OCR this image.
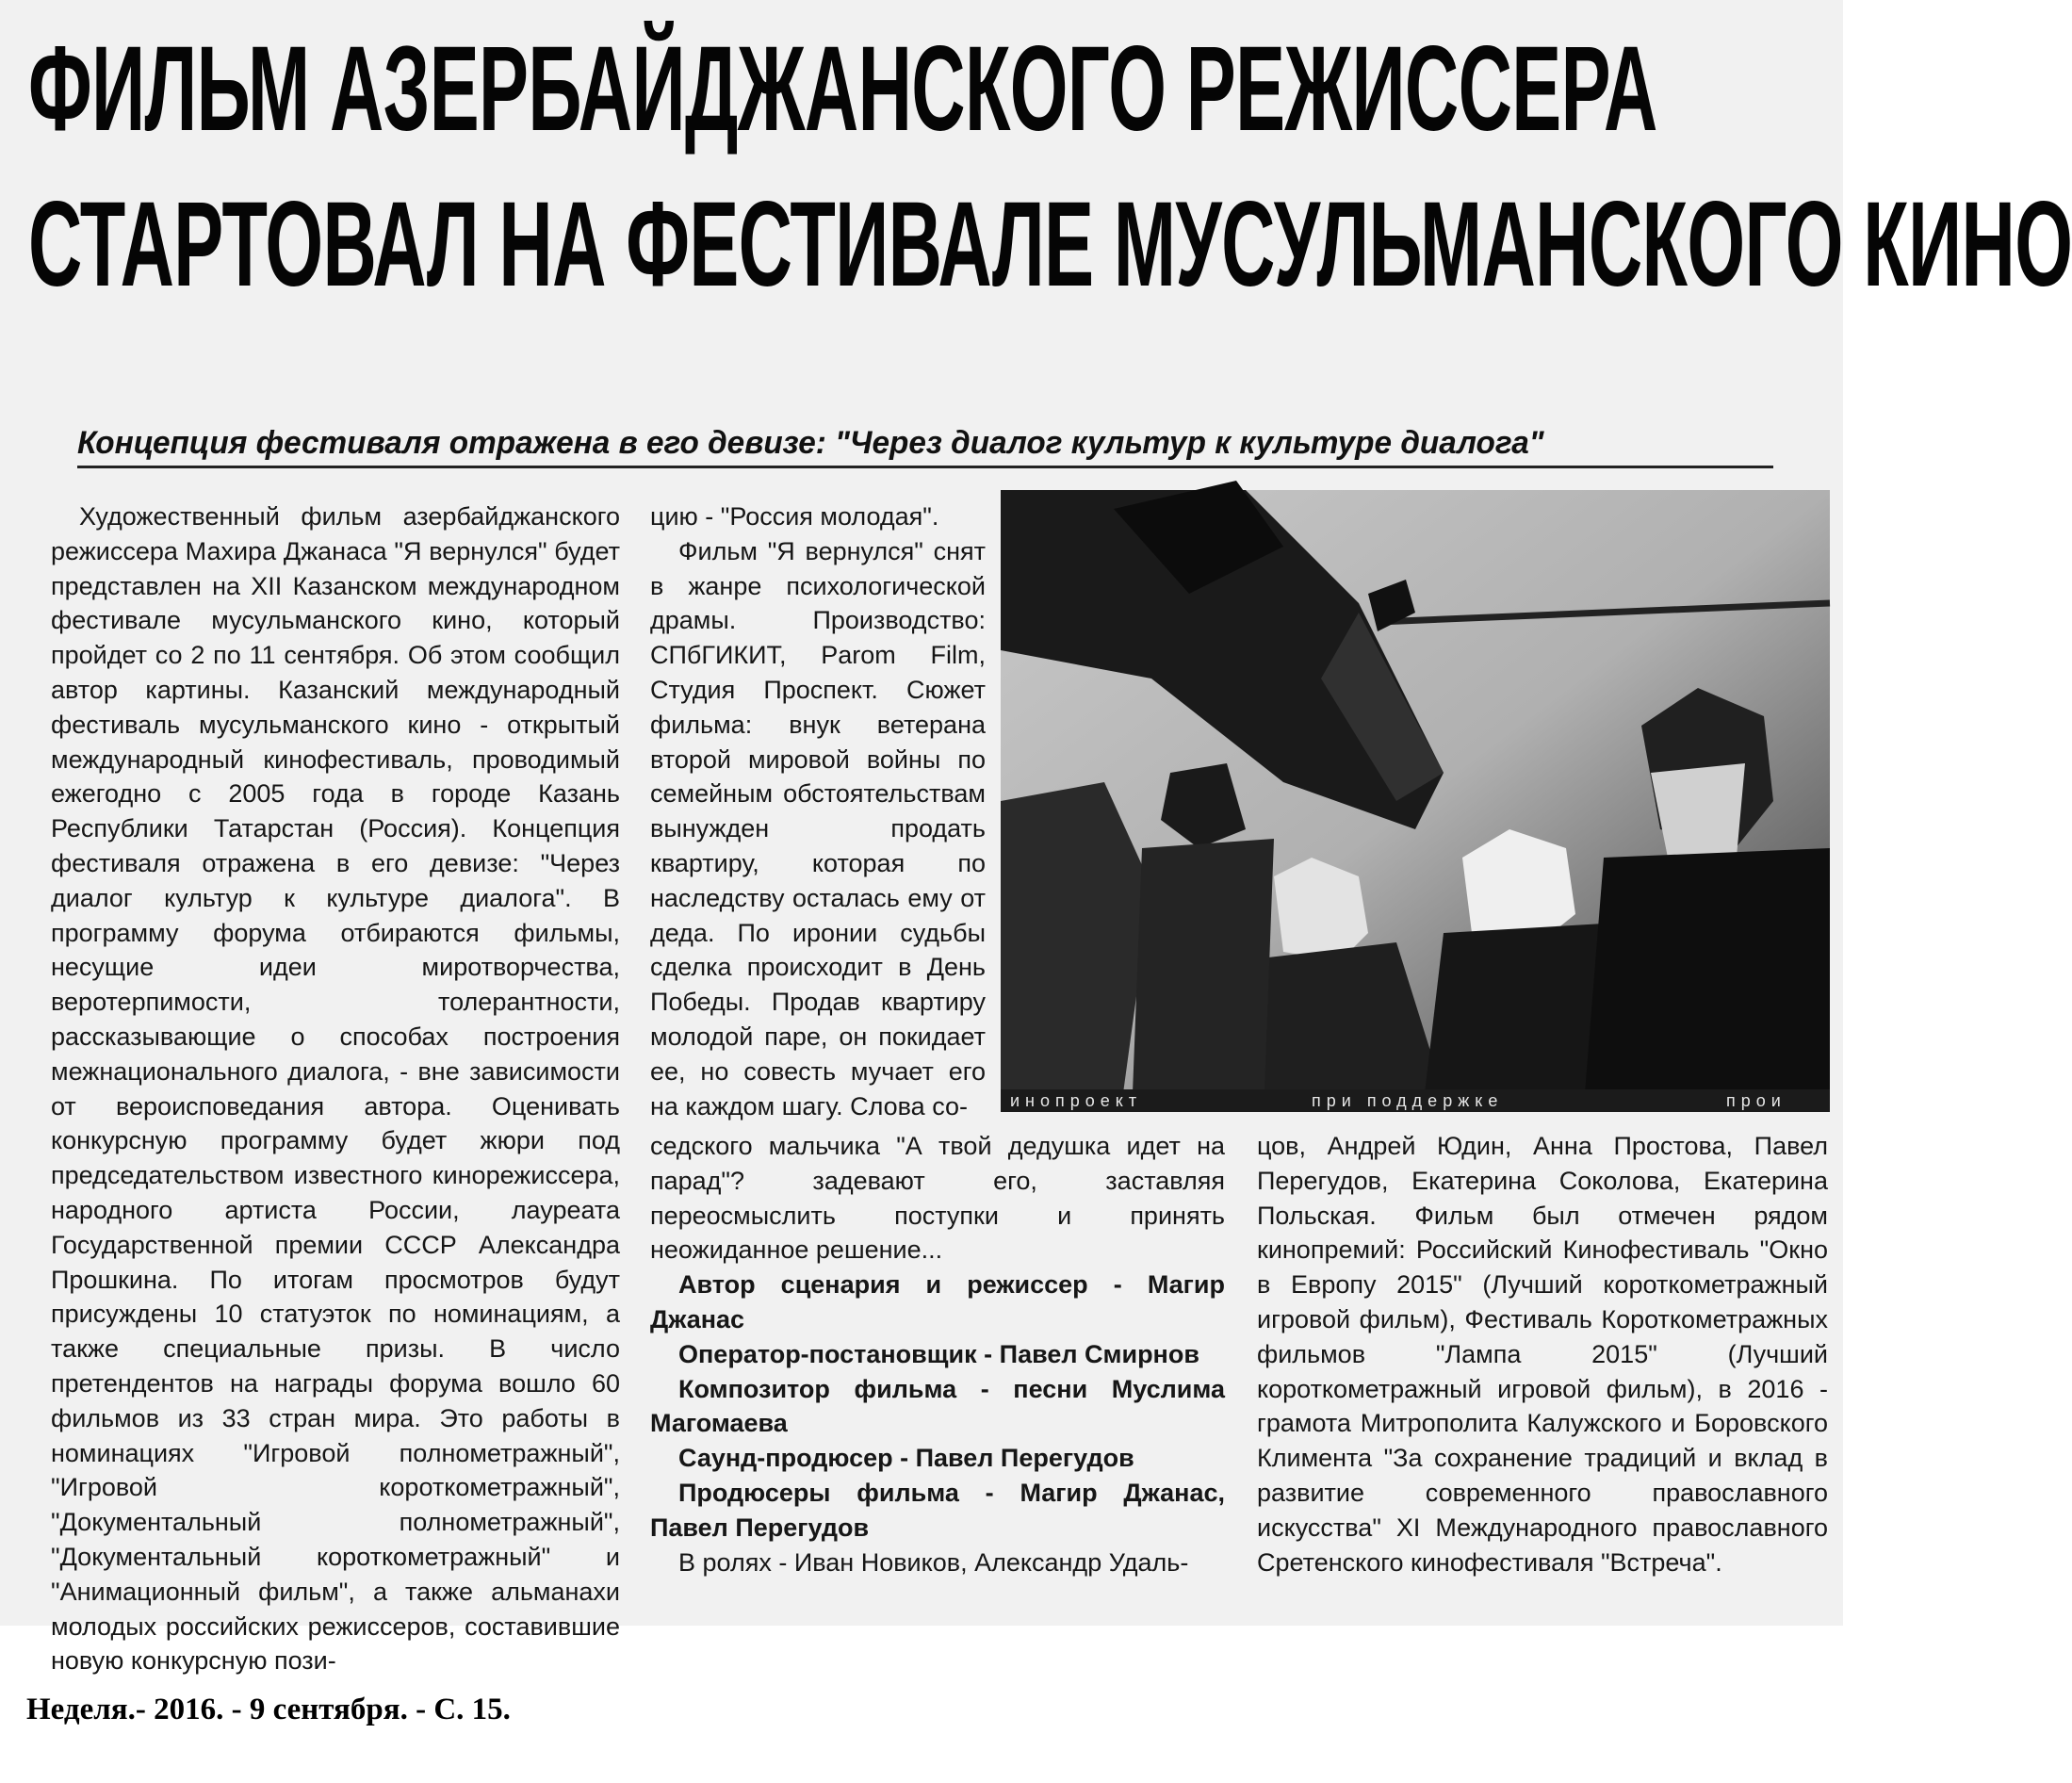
ФИЛЬМ АЗЕРБАЙДЖАНСКОГО РЕЖИССЕРА
СТАРТОВАЛ НА ФЕСТИВАЛЕ МУСУЛЬМАНСКОГО КИНО
Концепция фестиваля отражена в его девизе: "Через диалог культур к культуре диалога"

Художественный фильм азербайджанского режиссера Махира Джанаса "Я вернулся" будет представлен на XII Казанском международном фестивале мусульманского кино, который пройдет со 2 по 11 сентября. Об этом сообщил автор картины. Казанский международный фестиваль мусульманского кино - открытый международный кинофестиваль, проводимый ежегодно с 2005 года в городе Казань Республики Татарстан (Россия). Концепция фестиваля отражена в его девизе: "Через диалог культур к культуре диалога". В программу форума отбираются фильмы, несущие идеи миротворчества, веротерпимости, толерантности, рассказывающие о способах построения межнационального диалога, - вне зависимости от вероисповедания автора. Оценивать конкурсную программу будет жюри под председательством известного кинорежиссера, народного артиста России, лауреата Государственной премии СССР Александра Прошкина. По итогам просмотров будут присуждены 10 статуэток по номинациям, а также специальные призы. В число претендентов на награды форума вошло 60 фильмов из 33 стран мира. Это работы в номинациях "Игровой полнометражный", "Игровой короткометражный", "Документальный полнометражный", "Документальный короткометражный" и "Анимационный фильм", а также альманахи молодых российских режиссеров, составившие новую конкурсную пози-

цию - "Россия молодая".

Фильм "Я вернулся" снят в жанре психологической драмы. Производство: СПбГИКИТ, Parom Film, Студия Проспект. Сюжет фильма: внук ветерана второй мировой войны по семейным обстоятельствам вынужден продать квартиру, которая по наследству осталась ему от деда. По иронии судьбы сделка происходит в День Победы. Продав квартиру молодой паре, он покидает ее, но совесть мучает его на каждом шагу. Слова со-	инопроект	при поддержке	прои

седского мальчика "А твой дедушка идет на парад"? задевают его, заставляя переосмыслить поступки и принять неожиданное решение...

Автор сценария и режиссер - Магир Джанас

Оператор-постановщик - Павел Смирнов

Композитор фильма - песни Муслима Магомаева

Саунд-продюсер - Павел Перегудов

Продюсеры фильма - Магир Джанас, Павел Перегудов

В ролях - Иван Новиков, Александр Удаль-

цов, Андрей Юдин, Анна Простова, Павел Перегудов, Екатерина Соколова, Екатерина Польская. Фильм был отмечен рядом кинопремий: Российский Кинофестиваль "Окно в Европу 2015" (Лучший короткометражный игровой фильм), Фестиваль Короткометражных фильмов "Лампа 2015" (Лучший короткометражный игровой фильм), в 2016 - грамота Митрополита Калужского и Боровского Климента "За сохранение традиций и вклад в развитие современного православного искусства" XI Международного православного Сретенского кинофестиваля "Встреча".

Неделя.- 2016. - 9 сентября. - С. 15.
